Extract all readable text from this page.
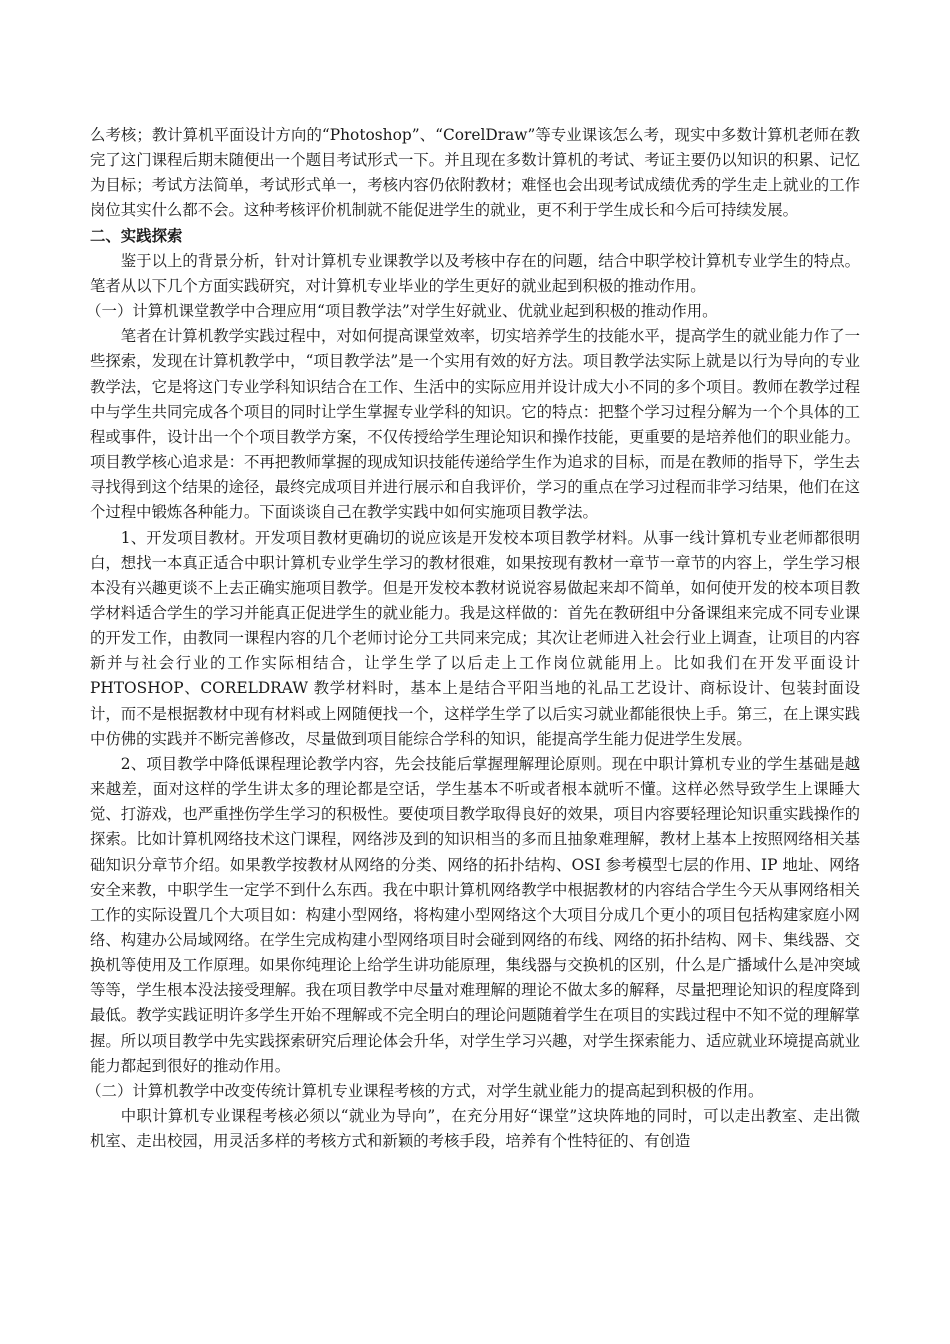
么考核；教计算机平面设计方向的“Photoshop”、“CorelDraw”等专业课该怎么考，现实中多数计算机老师在教完了这门课程后期末随便出一个题目考试形式一下。并且现在多数计算机的考试、考证主要仍以知识的积累、记忆为目标；考试方法简单，考试形式单一，考核内容仍依附教材；难怪也会出现考试成绩优秀的学生走上就业的工作岗位其实什么都不会。这种考核评价机制就不能促进学生的就业，更不利于学生成长和今后可持续发展。

二、实践探索

鉴于以上的背景分析，针对计算机专业课教学以及考核中存在的问题，结合中职学校计算机专业学生的特点。笔者从以下几个方面实践研究，对计算机专业毕业的学生更好的就业起到积极的推动作用。

（一）计算机课堂教学中合理应用“项目教学法”对学生好就业、优就业起到积极的推动作用。

笔者在计算机教学实践过程中，对如何提高课堂效率，切实培养学生的技能水平，提高学生的就业能力作了一些探索，发现在计算机教学中，“项目教学法”是一个实用有效的好方法。项目教学法实际上就是以行为导向的专业教学法，它是将这门专业学科知识结合在工作、生活中的实际应用并设计成大小不同的多个项目。教师在教学过程中与学生共同完成各个项目的同时让学生掌握专业学科的知识。它的特点：把整个学习过程分解为一个个具体的工程或事件，设计出一个个项目教学方案，不仅传授给学生理论知识和操作技能，更重要的是培养他们的职业能力。项目教学核心追求是：不再把教师掌握的现成知识技能传递给学生作为追求的目标，而是在教师的指导下，学生去寻找得到这个结果的途径，最终完成项目并进行展示和自我评价，学习的重点在学习过程而非学习结果，他们在这个过程中锻炼各种能力。下面谈谈自己在教学实践中如何实施项目教学法。

1、开发项目教材。开发项目教材更确切的说应该是开发校本项目教学材料。从事一线计算机专业老师都很明白，想找一本真正适合中职计算机专业学生学习的教材很难，如果按现有教材一章节一章节的内容上，学生学习根本没有兴趣更谈不上去正确实施项目教学。但是开发校本教材说说容易做起来却不简单，如何使开发的校本项目教学材料适合学生的学习并能真正促进学生的就业能力。我是这样做的：首先在教研组中分备课组来完成不同专业课的开发工作，由教同一课程内容的几个老师讨论分工共同来完成；其次让老师进入社会行业上调查，让项目的内容新并与社会行业的工作实际相结合，让学生学了以后走上工作岗位就能用上。比如我们在开发平面设计 PHTOSHOP、CORELDRAW 教学材料时，基本上是结合平阳当地的礼品工艺设计、商标设计、包装封面设计，而不是根据教材中现有材料或上网随便找一个，这样学生学了以后实习就业都能很快上手。第三，在上课实践中仿佛的实践并不断完善修改，尽量做到项目能综合学科的知识，能提高学生能力促进学生发展。

2、项目教学中降低课程理论教学内容，先会技能后掌握理解理论原则。现在中职计算机专业的学生基础是越来越差，面对这样的学生讲太多的理论都是空话，学生基本不听或者根本就听不懂。这样必然导致学生上课睡大觉、打游戏，也严重挫伤学生学习的积极性。要使项目教学取得良好的效果，项目内容要轻理论知识重实践操作的探索。比如计算机网络技术这门课程，网络涉及到的知识相当的多而且抽象难理解，教材上基本上按照网络相关基础知识分章节介绍。如果教学按教材从网络的分类、网络的拓扑结构、OSI 参考模型七层的作用、IP 地址、网络安全来教，中职学生一定学不到什么东西。我在中职计算机网络教学中根据教材的内容结合学生今天从事网络相关工作的实际设置几个大项目如：构建小型网络，将构建小型网络这个大项目分成几个更小的项目包括构建家庭小网络、构建办公局域网络。在学生完成构建小型网络项目时会碰到网络的布线、网络的拓扑结构、网卡、集线器、交换机等使用及工作原理。如果你纯理论上给学生讲功能原理，集线器与交换机的区别，什么是广播域什么是冲突域等等，学生根本没法接受理解。我在项目教学中尽量对难理解的理论不做太多的解释，尽量把理论知识的程度降到最低。教学实践证明许多学生开始不理解或不完全明白的理论问题随着学生在项目的实践过程中不知不觉的理解掌握。所以项目教学中先实践探索研究后理论体会升华，对学生学习兴趣，对学生探索能力、适应就业环境提高就业能力都起到很好的推动作用。

（二）计算机教学中改变传统计算机专业课程考核的方式，对学生就业能力的提高起到积极的作用。

中职计算机专业课程考核必须以“就业为导向”，在充分用好“课堂”这块阵地的同时，可以走出教室、走出微机室、走出校园，用灵活多样的考核方式和新颖的考核手段，培养有个性特征的、有创造
